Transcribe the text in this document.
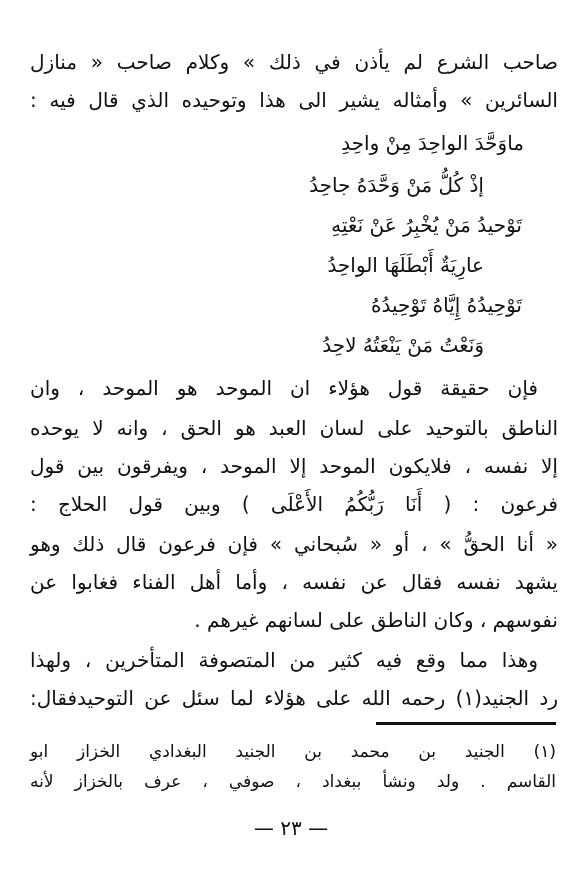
صاحب الشرع لم يأذن في ذلك » وكلام صاحب « منازل
السائرين » وأمثاله يشير الى هذا وتوحيده الذي قال فيه :
ماوَحَّدَ الواحِدَ مِنْ واحِدِ
إذْ كُلُّ مَنْ وَحَّدَهُ جاحِدُ
تَوْحيدُ مَنْ يُخْبِرُ عَنْ نَعْتِهِ
عارِيَةٌ أَبْطَلَهَا الواحِدُ
تَوْحِيدُهُ إِيَّاهُ تَوْحِيدُهُ
وَنَعْتُ مَنْ يَنْعَتُهُ لاحِدُ
فإن حقيقة قول هؤلاء ان الموحد هو الموحد ، وان
الناطق بالتوحيد على لسان العبد هو الحق ، وانه لا يوحده
إلا نفسه ، فلايكون الموحد إلا الموحد ، ويفرقون بين قول
فرعون : ( أَنَا رَبُّكُمُ الأَعْلَى ) وبين قول الحلاج :
« أنا الحقُّ » ، أو « سُبحاني » فإن فرعون قال ذلك وهو
يشهد نفسه فقال عن نفسه ، وأما أهل الفناء فغابوا عن
نفوسهم ، وكان الناطق على لسانهم غيرهم .
وهذا مما وقع فيه كثير من المتصوفة المتأخرين ، ولهذا
رد الجنيد(١) رحمه الله على هؤلاء لما سئل عن التوحيدفقال:
(١) الجنيد بن محمد بن الجنيد البغدادي الخزاز ابو
القاسم . ولد ونشأ ببغداد ، صوفي ، عرف بالخزاز لأنه
— ٢٣ —
